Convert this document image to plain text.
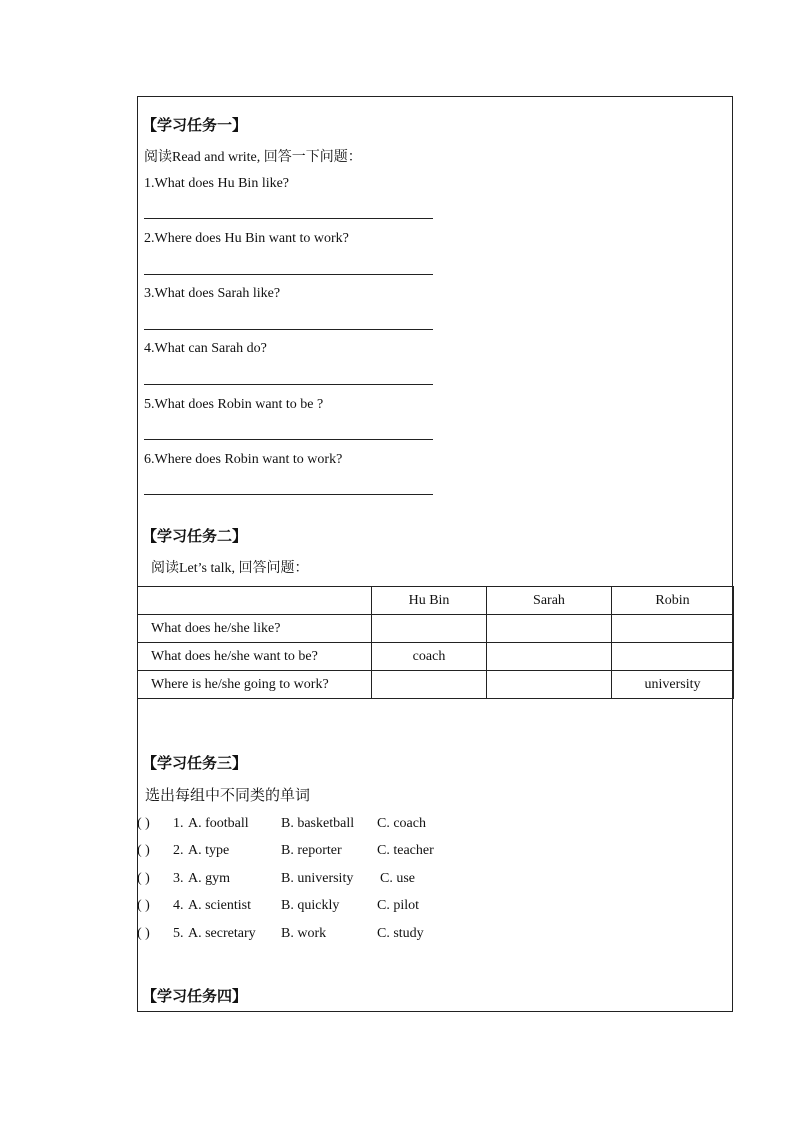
【学习任务一】
阅读Read and write, 回答一下问题：
1.What does Hu Bin like?
2.Where does Hu Bin want to work?
3.What does Sarah like?
4.What can Sarah do?
5.What does Robin want to be ?
6.Where does Robin want to work?
【学习任务二】
阅读Let’s talk, 回答问题：
	Hu Bin	Sarah	Robin
What does he/she like?			
What does he/she want to be?	coach		
Where is he/she going to work?			university
【学习任务三】
选出每组中不同类的单词
( ) 1. A. football B. basketball C. coach
( ) 2. A. type	B. reporter	C. teacher
( ) 3. A. gym	B. university C. use
( ) 4. A. scientist B. quickly	C. pilot
( ) 5. A. secretary B. work	C. study
【学习任务四】
